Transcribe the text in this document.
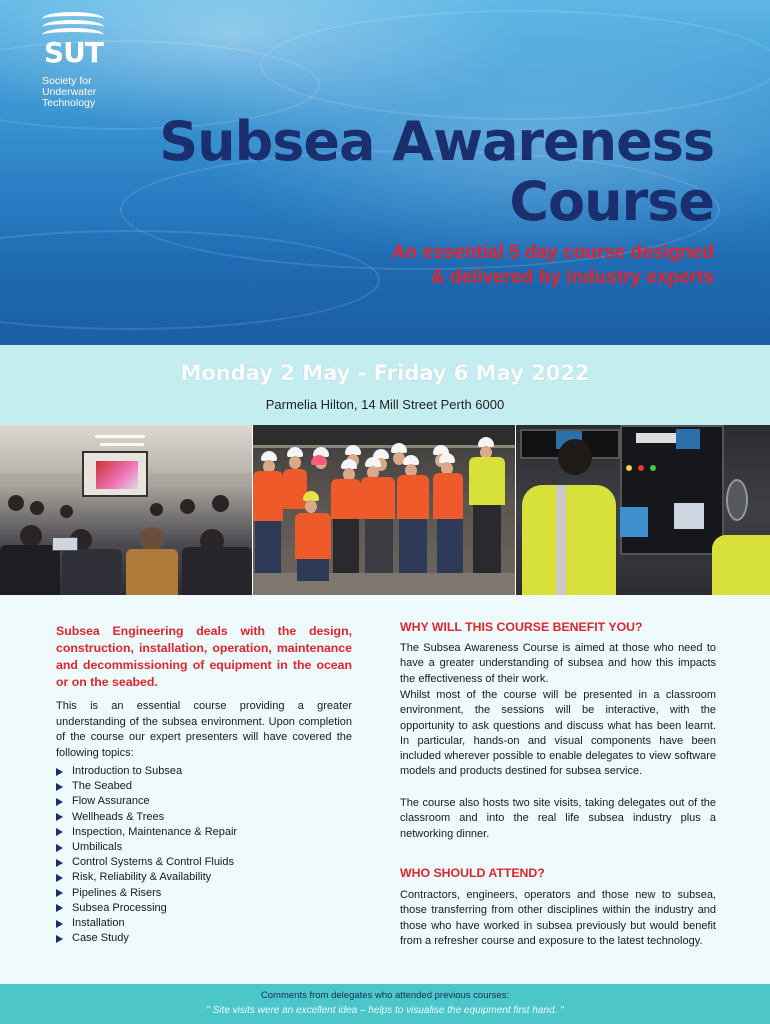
SUT
Society for
Underwater
Technology
Subsea Awareness
Course
An essential 5 day course designed
& delivered by industry experts
Monday 2 May - Friday 6 May 2022
Parmelia Hilton, 14 Mill Street Perth 6000
Subsea Engineering deals with the design, construction, installation, operation, maintenance and decommissioning of equipment in the ocean or on the seabed.
This is an essential course providing a greater understanding of the subsea environment. Upon completion of the course our expert presenters will have covered the following topics:
Introduction to Subsea
The Seabed
Flow Assurance
Wellheads & Trees
Inspection, Maintenance & Repair
Umbilicals
Control Systems & Control Fluids
Risk, Reliability & Availability
Pipelines & Risers
Subsea Processing
Installation
Case Study
WHY WILL THIS COURSE BENEFIT YOU?
The Subsea Awareness Course is aimed at those who need to have a greater understanding of subsea and how this impacts the effectiveness of their work.
Whilst most of the course will be presented in a classroom environment, the sessions will be interactive, with the opportunity to ask questions and discuss what has been learnt. In particular, hands-on and visual components have been included wherever possible to enable delegates to view software models and products destined for subsea service.
The course also hosts two site visits, taking delegates out of the classroom and into the real life subsea industry plus a networking dinner.
WHO SHOULD ATTEND?
Contractors, engineers, operators and those new to subsea, those transferring from other disciplines within the industry and those who have worked in subsea previously but would benefit from a refresher course and exposure to the latest technology.
Comments from delegates who attended previous courses:
" Site visits were an excellent idea – helps to visualise the equipment first hand. "
